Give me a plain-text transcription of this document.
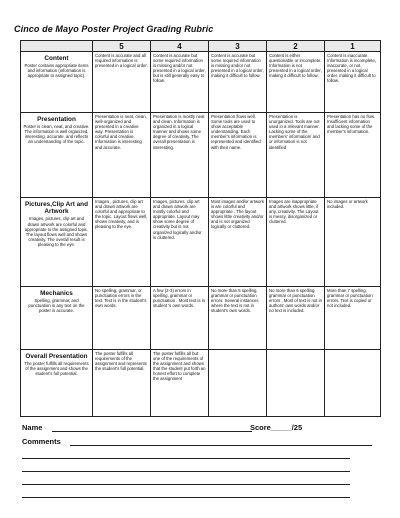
Cinco de Mayo Poster Project Grading Rubric
	5	4	3	2	1

Content
Poster contains appropriate items and information (information is appropriate to assigned topic).	Content is accurate and all required information is presented in a logical order.	Content is accurate but some required information is missing and/or not presented in a logical order, but is still generally easy to follow.	Content is accurate but some required information is missing and/or not presented in a logical order, making it difficult to follow.	Content is either questionable or incomplete. Information is not presented in a logical order, making it difficult to follow.	Content is inaccurate. Information is incomplete, inaccurate, or not presented in a logical order, making it difficult to follow.

Presentation
Poster is clean, neat, and creative. The information is well organized, interesting, accurate, and reflects an understanding of the topic.	Presentation is neat, clean, well-organized and presented in a creative way. Presentation is colorful and creative. Information is interesting and accurate.	Presentation is mostly neat and clean. Information is organized in a logical manner and shows some degree of creativity. The overall presentation is interesting.	Presentation flows well. Some tools are used to show acceptable understanding. Each member's information is represented and identified with their name.	Presentation is unorganized. Tools are not used in a relevant manner. Lacking some of the members' information/ and or information is not identified	Presentation has no flow. Insufficient information and lacking some of the member's information.

Pictures,Clip Art and Artwork
Images, pictures, clip art and drawn artwork are colorful and appropriate to the assigned topic. The layout flows well and shows creativity. The overall result is pleasing to the eye.	Images , pictures, clip art and drawn artwork are colorful and appropriate to the topic. Layout flows well, shows creativity, and is pleasing to the eye.	Images, pictures, clip art and drawn artwork are mostly colorful and appropriate. Layout may show some degree of creativity but is not organized logically and/or is cluttered.	Most images and/or artwork is are colorful and appropriate . The layout shows little creativity and/or and is not organized logically or cluttered.	Images are inappropriate and artwork shows little, if any, creativity. The Layout is messy, disorganized or cluttered.	No images or artwork included.

Mechanics
Spelling, grammar, and punctuation in any text on the poster is accurate.	No spelling, grammar, or punctuation errors in the text. Text is in the student's own words.	A few (2-3) errors in spelling, grammar or punctuation . Most text is in student 's own words.	No more than 5 spelling, grammar or punctuation errors. Several instances where the text is not in student's own words.	No more than 6 spelling, grammar or punctuation errors . Most of text is not in authors' own words and/or no text is included.	More than 7 spelling, grammar or punctuation errors. Text is copied or not included.

Overall Presentation
The poster fulfills all requirements of the assignment and shows the student's full potential.	The poster fulfills all requirements of the assignment and represents the student's full potential.	The poster fulfills all but one of the requirements of the assignment and shows that the student put forth an honest effort to complete the assignment			
Name	Score_____/25
Comments
